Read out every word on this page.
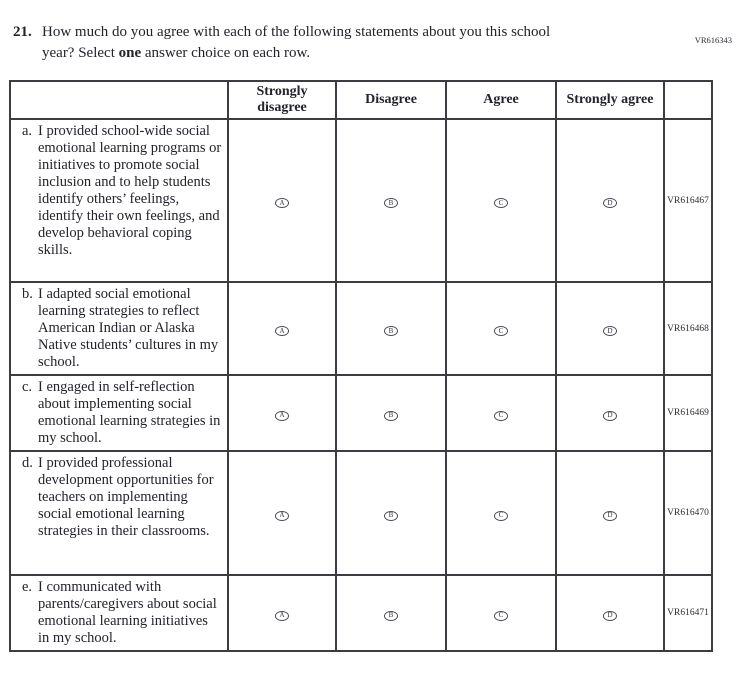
VR616343
21. How much do you agree with each of the following statements about you this school
year? Select one answer choice on each row.
	Strongly disagree	Disagree	Agree	Strongly agree	

a. I provided school-wide social emotional learning programs or initiatives to promote social inclusion and to help students identify others’ feelings, identify their own feelings, and develop behavioral coping skills.	A	B	C	D	VR616467

b. I adapted social emotional learning strategies to reflect American Indian or Alaska Native students’ cultures in my school.	A	B	C	D	VR616468

c. I engaged in self-reflection about implementing social emotional learning strategies in my school.	A	B	C	D	VR616469

d. I provided professional development opportunities for teachers on implementing social emotional learning strategies in their classrooms.	A	B	C	D	VR616470

e. I communicated with parents/caregivers about social emotional learning initiatives in my school.	A	B	C	D	VR616471
